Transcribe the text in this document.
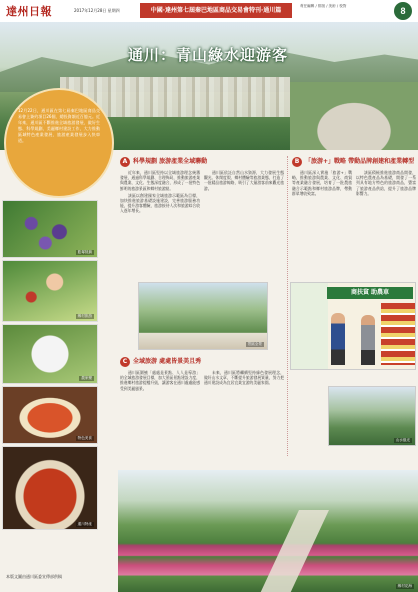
達州日報	2017年12月28日 星期四	中國·達州第七屆秦巴地區商品交易會特刊·通川篇
責任編輯 / 排版 / 美術 / 校對	8
通川：青山綠水迎游客

12月22日，通川區在第七屆秦巴地區商品交易會上簽約項目26個，總投資額近百億元。近年來，通川區不斷推進全域旅游發展，做好生態、科學規劃、美麗鄉村建設工作，大力推動區域特色產業發展，旅游產業發展步入快車道。

藍莓採摘
鄉村旅游
農家樂
特色美食
通川特產
本版文圖由通川區委宣傳部供稿
A 科學規劃 旅游產業全域聯動

近年來，通川區堅持以全域旅游理念統籌發展，通過科學規劃、合理佈局，推動旅游產業與農業、文化、生態深度融合，形成了一批特色鮮明的旅游景區和鄉村旅游點。

該區以創建國家全域旅游示範區為目標，加快推進旅游基礎設施建設，完善旅游服務功能，提升游客體驗，旅游接待人次和旅游綜合收入逐年增長。

通川區依託自然山水資源，大力發展生態觀光、休閑度假、鄉村體驗等旅游業態，打造了一批精品旅游線路，吸引了大量游客前來觀光旅游。

B 「旅游+」戰略 帶動品牌創建和產業轉型

通川區深入實施「旅游+」戰略，推動旅游與農業、文化、商貿等產業融合發展，培育了一批農旅融合示範點和鄉村旅游品牌，帶動群眾增收致富。

該區積極推進旅游商品開發，以特色農產品為基礎，開發了一系列具有地方特色的旅游商品，豐富了旅游產品供給，提升了旅游品牌影響力。

景區全景
商扶貧 助農車
C 全域旅游 處處皆景美且秀

通川區圍繞「處處是景點、人人是導游」的全域旅游發展目標，加大景區景點建設力度，推進鄉村旅游提檔升級，讓游客在通川處處能感受到美麗風景。

未來，通川區將繼續堅持綠色發展理念，做好山水文章，不斷提升旅游發展質量，努力把通川建設成為宜居宜業宜游的美麗家園。

山水風光
鄉村花海
